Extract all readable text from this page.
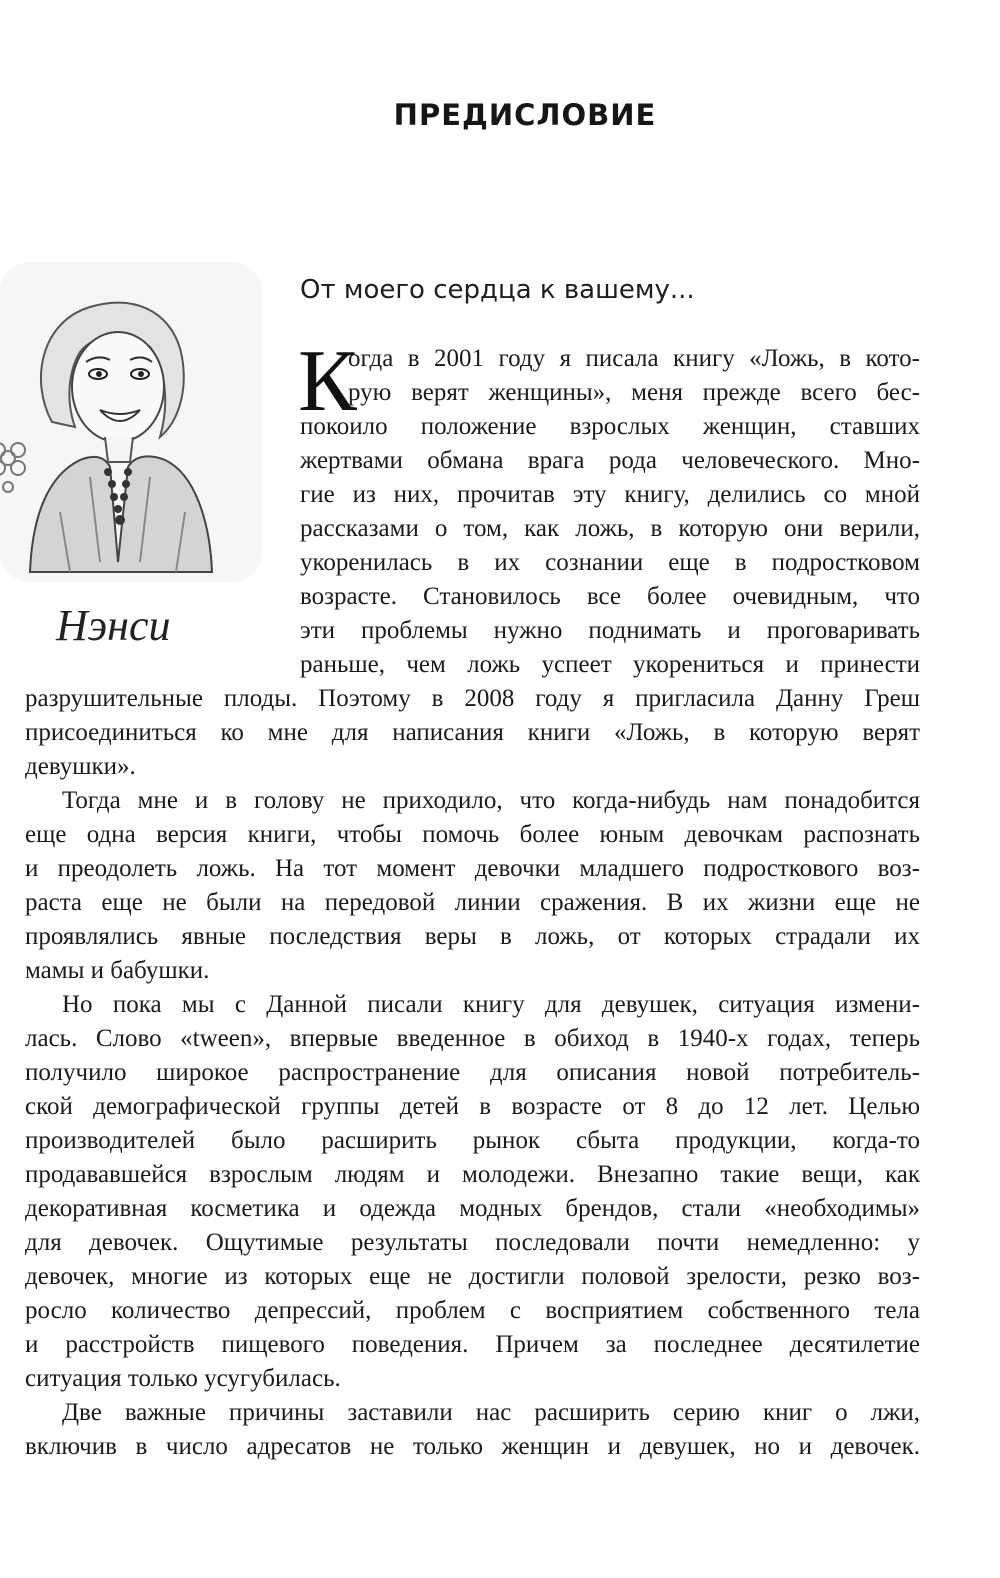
ПРЕДИСЛОВИЕ
Нэнси
От моего сердца к вашему...
К
огда в 2001 году я писала книгу «Ложь, в кото-
рую верят женщины», меня прежде всего бес-
покоило положение взрослых женщин, ставших
жертвами обмана врага рода человеческого. Мно-
гие из них, прочитав эту книгу, делились со мной
рассказами о том, как ложь, в которую они верили,
укоренилась в их сознании еще в подростковом
возрасте. Становилось все более очевидным, что
эти проблемы нужно поднимать и проговаривать
раньше, чем ложь успеет укорениться и принести
разрушительные плоды. Поэтому в 2008 году я пригласила Данну Греш
присоединиться ко мне для написания книги «Ложь, в которую верят
девушки».
Тогда мне и в голову не приходило, что когда-нибудь нам понадобится
еще одна версия книги, чтобы помочь более юным девочкам распознать
и преодолеть ложь. На тот момент девочки младшего подросткового воз-
раста еще не были на передовой линии сражения. В их жизни еще не
проявлялись явные последствия веры в ложь, от которых страдали их
мамы и бабушки.
Но пока мы с Данной писали книгу для девушек, ситуация измени-
лась. Слово «tween», впервые введенное в обиход в 1940-х годах, теперь
получило широкое распространение для описания новой потребитель-
ской демографической группы детей в возрасте от 8 до 12 лет. Целью
производителей было расширить рынок сбыта продукции, когда-то
продававшейся взрослым людям и молодежи. Внезапно такие вещи, как
декоративная косметика и одежда модных брендов, стали «необходимы»
для девочек. Ощутимые результаты последовали почти немедленно: у
девочек, многие из которых еще не достигли половой зрелости, резко воз-
росло количество депрессий, проблем с восприятием собственного тела
и расстройств пищевого поведения. Причем за последнее десятилетие
ситуация только усугубилась.
Две важные причины заставили нас расширить серию книг о лжи,
включив в число адресатов не только женщин и девушек, но и девочек.
